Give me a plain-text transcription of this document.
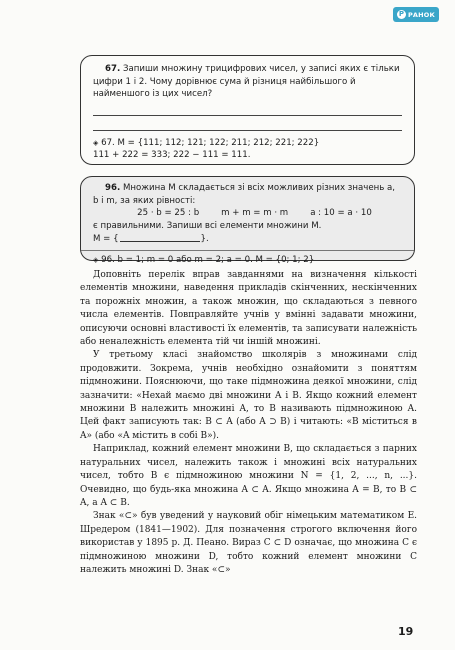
Р РАНОК

67. Запиши множину трицифрових чисел, у записі яких є тільки цифри 1 і 2. Чому дорівнює сума й різниця найбільшого й найменшого із цих чисел?

◈ 67. M = {111; 112; 121; 122; 211; 212; 221; 222}

111 + 222 = 333; 222 − 111 = 111.

96. Множина M складається зі всіх можливих різних значень a, b і m, за яких рівності:

25 · b = 25 : b	m + m = m · m	a : 10 = a · 10

є правильними. Запиши всі елементи множини M.

M = {	}.

◈ 96. b = 1; m = 0 або m = 2; a = 0. M = {0; 1; 2}

Доповніть перелік вправ завданнями на визначення кількості елементів множини, наведення прикладів скінченних, нескінченних та порожніх множин, а також множин, що складаються з певного числа елементів. Повправляйте учнів у вмінні задавати множини, описуючи основні властивості їх елементів, та записувати належність або неналежність елемента тій чи іншій множині.

У третьому класі знайомство школярів з множинами слід продовжити. Зокрема, учнів необхідно ознайомити з поняттям підмножини. Пояснюючи, що таке підмножина деякої множини, слід зазначити: «Нехай маємо дві множини A і B. Якщо кожний елемент множини B належить множині A, то B називають підмножиною A. Цей факт записують так: B ⊂ A (або A ⊃ B) і читають: «B міститься в A» (або «A містить в собі B»).

Наприклад, кожний елемент множини B, що складається з парних натуральних чисел, належить також і множині всіх натуральних чисел, тобто B є підмножиною множини N = {1, 2, ..., n, ...}. Очевидно, що будь-яка множина A ⊂ A. Якщо множина A = B, то B ⊂ A, a A ⊂ B.

Знак «⊂» був уведений у науковий обіг німецьким математиком Е. Шредером (1841—1902). Для позначення строгого включення його використав у 1895 р. Д. Пеано. Вираз C ⊂ D означає, що множина C є підмножиною множини D, тобто кожний елемент множини C належить множині D. Знак «⊂»

19
